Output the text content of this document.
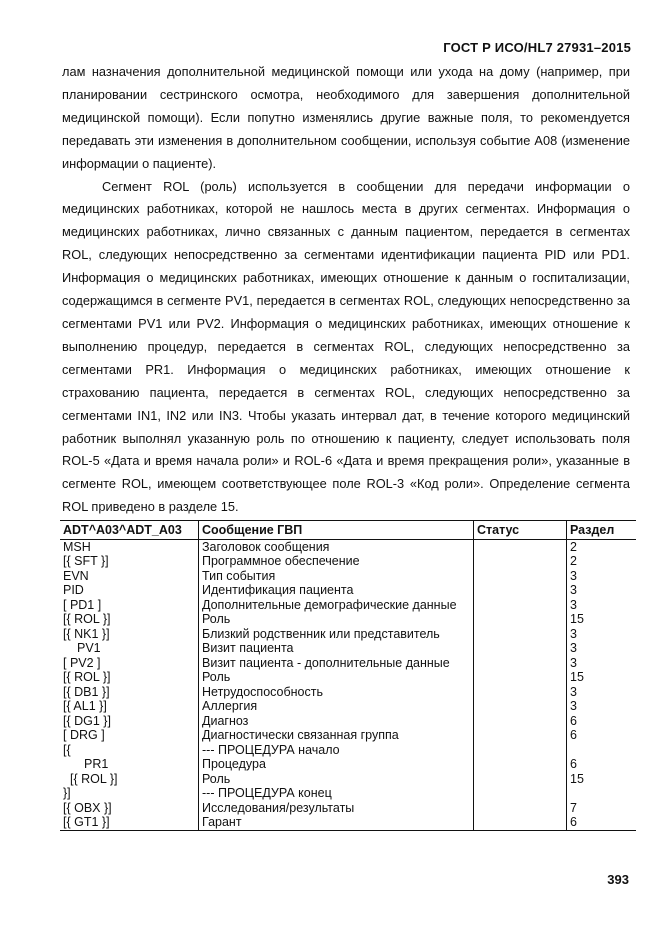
ГОСТ Р ИСО/HL7 27931–2015

лам назначения дополнительной медицинской помощи или ухода на дому (например, при планировании сестринского осмотра, необходимого для завершения дополнительной медицинской помощи). Если попутно изменялись другие важные поля, то рекомендуется передавать эти изменения в дополнительном сообщении, используя событие А08 (изменение информации о пациенте).

Сегмент ROL (роль) используется в сообщении для передачи информации о медицинских работниках, которой не нашлось места в других сегментах. Информация о медицинских работниках, лично связанных с данным пациентом, передается в сегментах ROL, следующих непосредственно за сегментами идентификации пациента PID или PD1. Информация о медицинских работниках, имеющих отношение к данным о госпитализации, содержащимся в сегменте PV1, передается в сегментах ROL, следующих непосредственно за сегментами PV1 или PV2. Информация о медицинских работниках, имеющих отношение к выполнению процедур, передается в сегментах ROL, следующих непосредственно за сегментами PR1. Информация о медицинских работниках, имеющих отношение к страхованию пациента, передается в сегментах ROL, следующих непосредственно за сегментами IN1, IN2 или IN3. Чтобы указать интервал дат, в течение которого медицинский работник выполнял указанную роль по отношению к пациенту, следует использовать поля ROL-5 «Дата и время начала роли» и ROL-6 «Дата и время прекращения роли», указанные в сегменте ROL, имеющем соответствующее поле ROL-3 «Код роли». Определение сегмента ROL приведено в разделе 15.

ADT^A03^ADT_A03	Сообщение ГВП	Статус	Раздел
MSH	Заголовок сообщения		2
[{ SFT }]	Программное обеспечение		2
EVN	Тип события		3
PID	Идентификация пациента		3
[ PD1 ]	Дополнительные демографические данные		3
[{ ROL }]	Роль		15
[{ NK1 }]	Близкий родственник или представитель		3
PV1	Визит пациента		3
[ PV2 ]	Визит пациента - дополнительные данные		3
[{ ROL }]	Роль		15
[{ DB1 }]	Нетрудоспособность		3
[{ AL1 }]	Аллергия		3
[{ DG1 }]	Диагноз		6
[ DRG ]	Диагностически связанная группа		6
[{	--- ПРОЦЕДУРА начало		
PR1	Процедура		6
[{ ROL }]	Роль		15
}]	--- ПРОЦЕДУРА конец		
[{ OBX }]	Исследования/результаты		7
[{ GT1 }]	Гарант		6
393
